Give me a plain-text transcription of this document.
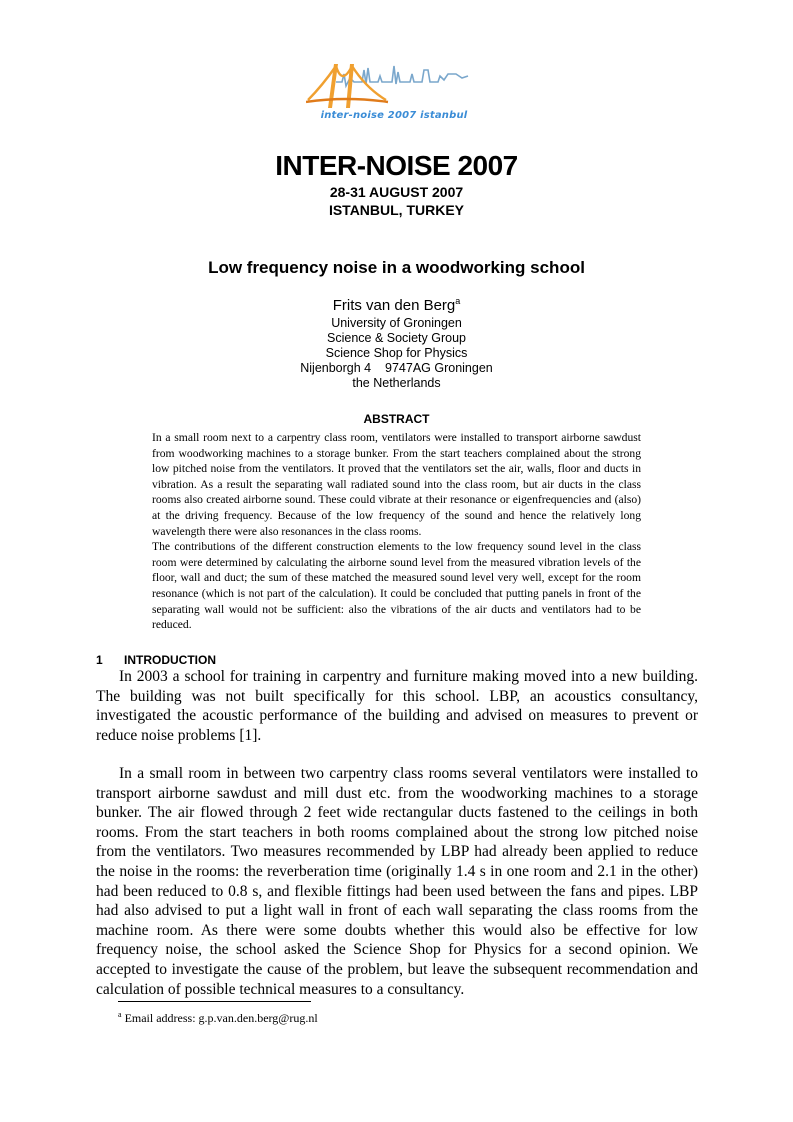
inter-noise 2007 istanbul
INTER-NOISE 2007
28-31 AUGUST 2007
ISTANBUL, TURKEY
Low frequency noise in a woodworking school
Frits van den Berg$^a$
University of Groningen
Science & Society Group
Science Shop for Physics
Nijenborgh 4    9747AG Groningen
the Netherlands
ABSTRACT

In a small room next to a carpentry class room, ventilators were installed to transport airborne sawdust from woodworking machines to a storage bunker. From the start teachers complained about the strong low pitched noise from the ventilators. It proved that the ventilators set the air, walls, floor and ducts in vibration. As a result the separating wall radiated sound into the class room, but air ducts in the class rooms also created airborne sound. These could vibrate at their resonance or eigenfrequencies and (also) at the driving frequency. Because of the low frequency of the sound and hence the relatively long wavelength there were also resonances in the class rooms.

The contributions of the different construction elements to the low frequency sound level in the class room were determined by calculating the airborne sound level from the measured vibration levels of the floor, wall and duct; the sum of these matched the measured sound level very well, except for the room resonance (which is not part of the calculation). It could be concluded that putting panels in front of the separating wall would not be sufficient: also the vibrations of the air ducts and ventilators had to be reduced.

1 INTRODUCTION

In 2003 a school for training in carpentry and furniture making moved into a new building. The building was not built specifically for this school. LBP, an acoustics consultancy, investigated the acoustic performance of the building and advised on measures to prevent or reduce noise problems [1].

In a small room in between two carpentry class rooms several ventilators were installed to transport airborne sawdust and mill dust etc. from the woodworking machines to a storage bunker. The air flowed through 2 feet wide rectangular ducts fastened to the ceilings in both rooms. From the start teachers in both rooms complained about the strong low pitched noise from the ventilators. Two measures recommended by LBP had already been applied to reduce the noise in the rooms: the reverberation time (originally 1.4 s in one room and 2.1 in the other) had been reduced to 0.8 s, and flexible fittings had been used between the fans and pipes. LBP had also advised to put a light wall in front of each wall separating the class rooms from the machine room. As there were some doubts whether this would also be effective for low frequency noise, the school asked the Science Shop for Physics for a second opinion. We accepted to investigate the cause of the problem, but leave the subsequent recommendation and calculation of possible technical measures to a consultancy.

$^a$ Email address: g.p.van.den.berg@rug.nl
